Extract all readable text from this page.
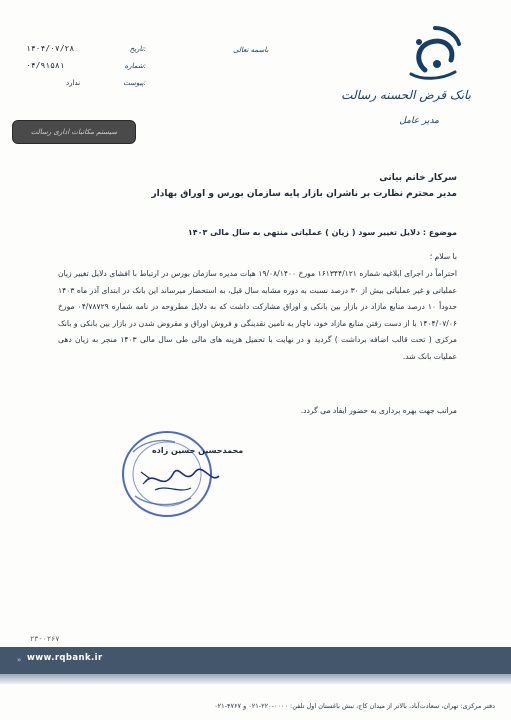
بانک قرض الحسنه رسالت
مدیر عامل
باسمه تعالی
۱۴۰۴/۰۷/۲۸	تاریخ:
۰۴/۹۱۵۸۱	شماره:
ندارد	پیوست:
سیستم مکاتبات اداری رسالت
سرکار خانم بیانی
مدیر محترم نظارت بر ناشران بازار پایه سازمان بورس و اوراق بهادار
موضوع : دلایل تغییر سود ( زیان ) عملیاتی منتهی به سال مالی ۱۴۰۳
با سلام ؛
احتراماً در اجرای ابلاغیه شماره ۱۶۱۳۴۴/۱۲۱ مورخ ۱۹/۰۸/۱۴۰۰ هیات مدیره سازمان بورس در ارتباط با افشای دلایل تغییر زیان عملیاتی و غیر عملیاتی بیش از ۳۰ درصد نسبت به دوره مشابه سال قبل، به استحضار میرساند این بانک در ابتدای آذر ماه ۱۴۰۳ حدوداً ۱۰ درصد منابع مازاد در بازار بین بانکی و اوراق مشارکت داشت که به دلایل مطروحه در نامه شماره ۰۴/۷۸۷۲۹ مورخ ۱۴۰۴/۰۷/۰۶ با از دست رفتن منابع مازاد خود، ناچار به تامین نقدینگی و فروش اوراق و مقروض شدن در بازار بین بانکی و بانک مرکزی ( تحت قالب اضافه برداشت ) گردید و در نهایت با تحمیل هزینه های مالی طی سال مالی ۱۴۰۳ منجر به زیان دهی عملیات بانک شد.
مراتب جهت بهره برداری به حضور ایفاد می گردد.
محمدحسین حسین زاده
۲۳-۰۲۶۷
» www.rqbank.ir
دفتر مرکزی: تهران، سعادت‌آباد، بالاتر از میدان کاج، نبش باغستان اول تلفن: ۰۰۰۰-۲۲۰-۰۲۱ و ۴۷۶۷-۰۲۱
